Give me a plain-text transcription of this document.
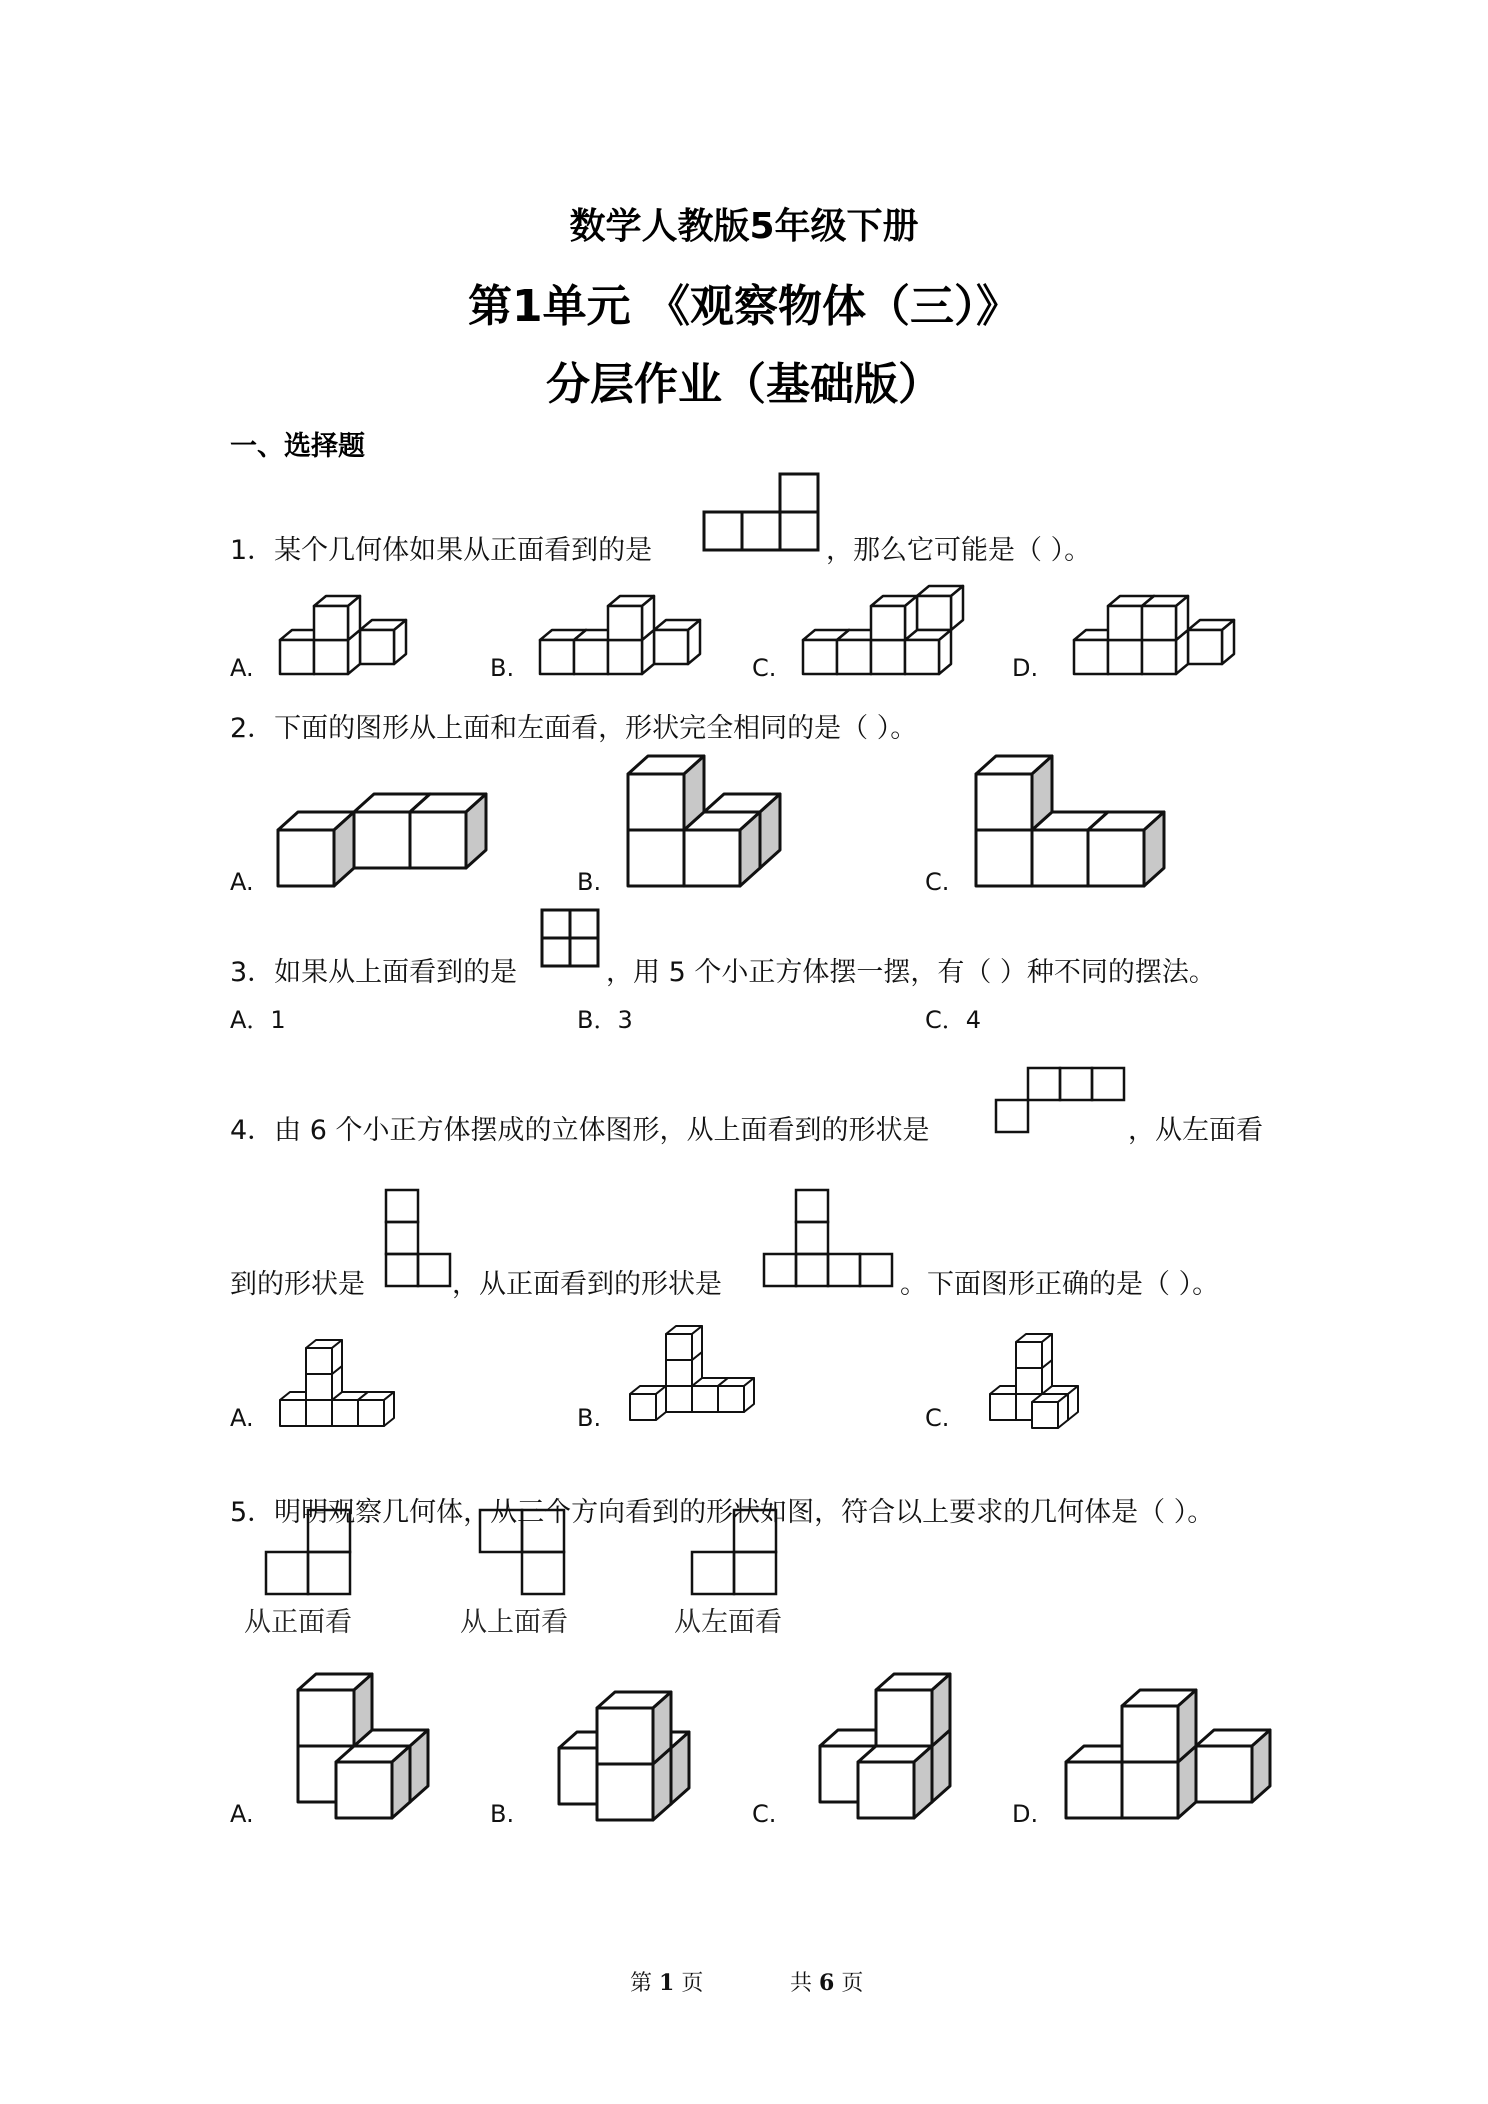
数学人教版5年级下册
第1单元 《观察物体（三）》
分层作业（基础版）
一、选择题
1．某个几何体如果从正面看到的是	，那么它可能是（ ）。
A.	B.	C.	D.
2．下面的图形从上面和左面看，形状完全相同的是（ ）。
A.	B.	C.
3．如果从上面看到的是	，用 5 个小正方体摆一摆，有（ ）种不同的摆法。
A．1	B．3	C．4
4．由 6 个小正方体摆成的立体图形，从上面看到的形状是	，从左面看
到的形状是	，从正面看到的形状是	。下面图形正确的是（ ）。
A.	B.	C.
5．明明观察几何体，从三个方向看到的形状如图，符合以上要求的几何体是（ ）。
从正面看	从上面看	从左面看
A.	B.	C.	D.
第 1 页	共 6 页
